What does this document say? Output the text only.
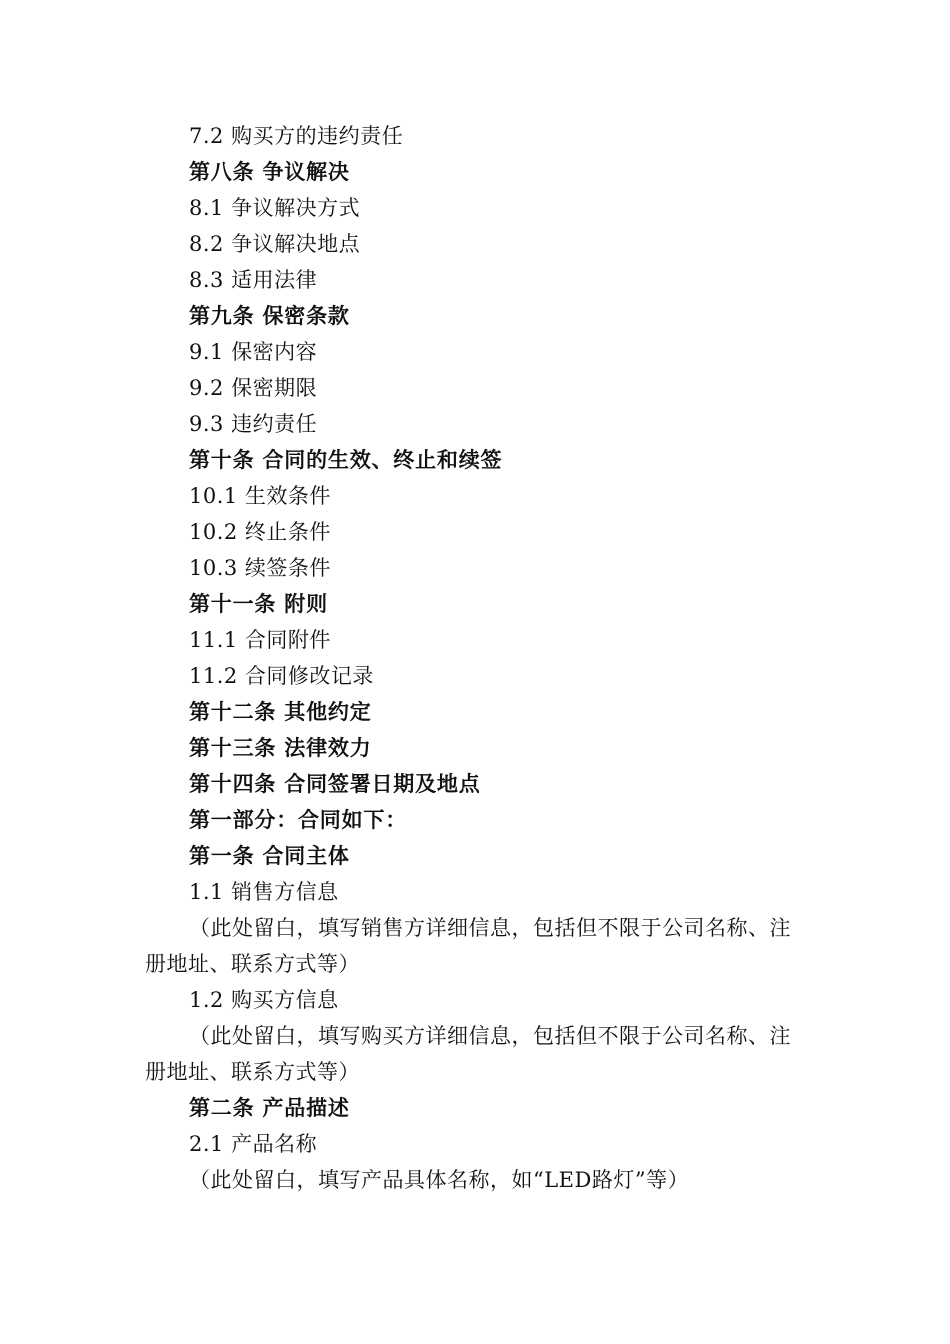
7.2 购买方的违约责任
第八条 争议解决
8.1 争议解决方式
8.2 争议解决地点
8.3 适用法律
第九条 保密条款
9.1 保密内容
9.2 保密期限
9.3 违约责任
第十条 合同的生效、终止和续签
10.1 生效条件
10.2 终止条件
10.3 续签条件
第十一条 附则
11.1 合同附件
11.2 合同修改记录
第十二条 其他约定
第十三条 法律效力
第十四条 合同签署日期及地点
第一部分：合同如下：
第一条 合同主体
1.1 销售方信息
（此处留白，填写销售方详细信息，包括但不限于公司名称、注册地址、联系方式等）
1.2 购买方信息
（此处留白，填写购买方详细信息，包括但不限于公司名称、注册地址、联系方式等）
第二条 产品描述
2.1 产品名称
（此处留白，填写产品具体名称，如“LED路灯”等）
